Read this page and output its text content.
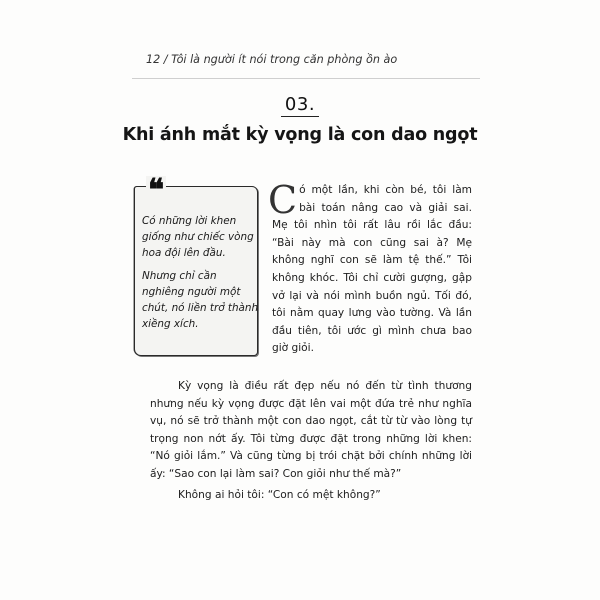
12 / Tôi là người ít nói trong căn phòng ồn ào
03.
Khi ánh mắt kỳ vọng là con dao ngọt
❝

Có những lời khen giống như chiếc vòng hoa đội lên đầu.

Nhưng chỉ cần nghiêng người một chút, nó liền trở thành xiềng xích.

Có một lần, khi còn bé, tôi làm bài toán nâng cao và giải sai. Mẹ tôi nhìn tôi rất lâu rồi lắc đầu: “Bài này mà con cũng sai à? Mẹ không nghĩ con sẽ làm tệ thế.” Tôi không khóc. Tôi chỉ cười gượng, gập vở lại và nói mình buồn ngủ. Tối đó, tôi nằm quay lưng vào tường. Và lần đầu tiên, tôi ước gì mình chưa bao giờ giỏi.

Kỳ vọng là điều rất đẹp nếu nó đến từ tình thương nhưng nếu kỳ vọng được đặt lên vai một đứa trẻ như nghĩa vụ, nó sẽ trở thành một con dao ngọt, cắt từ từ vào lòng tự trọng non nớt ấy. Tôi từng được đặt trong những lời khen: “Nó giỏi lắm.” Và cũng từng bị trói chặt bởi chính những lời ấy: “Sao con lại làm sai? Con giỏi như thế mà?”

Không ai hỏi tôi: “Con có mệt không?”
